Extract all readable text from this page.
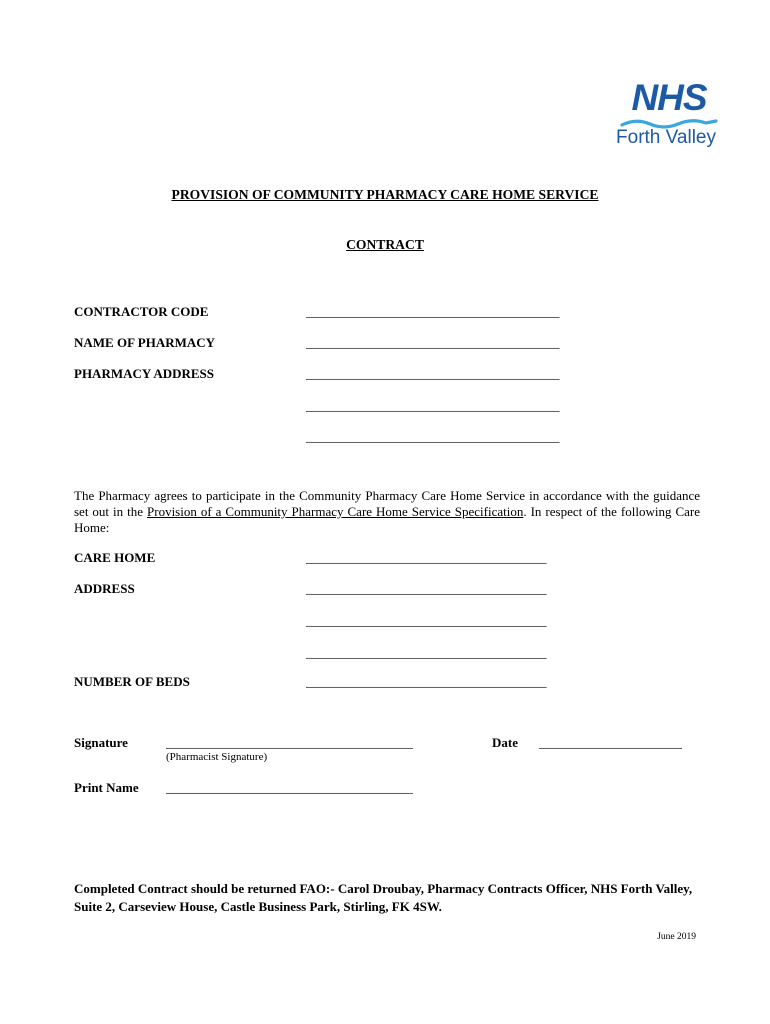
NHS
Forth Valley
PROVISION OF COMMUNITY PHARMACY CARE HOME SERVICE
CONTRACT
CONTRACTOR CODE	_______________________________________
NAME OF PHARMACY	_______________________________________
PHARMACY ADDRESS	_______________________________________
_______________________________________
_______________________________________
The Pharmacy agrees to participate in the Community Pharmacy Care Home Service in accordance with the guidance set out in the Provision of a Community Pharmacy Care Home Service Specification. In respect of the following Care Home:
CARE HOME	_____________________________________
ADDRESS	_____________________________________
_____________________________________
_____________________________________
NUMBER OF BEDS	_____________________________________
Signature	______________________________________
(Pharmacist Signature)
Date ______________________
Print Name ______________________________________
Completed Contract should be returned FAO:- Carol Droubay, Pharmacy Contracts Officer, NHS Forth Valley, Suite 2, Carseview House, Castle Business Park, Stirling, FK 4SW.
June 2019
